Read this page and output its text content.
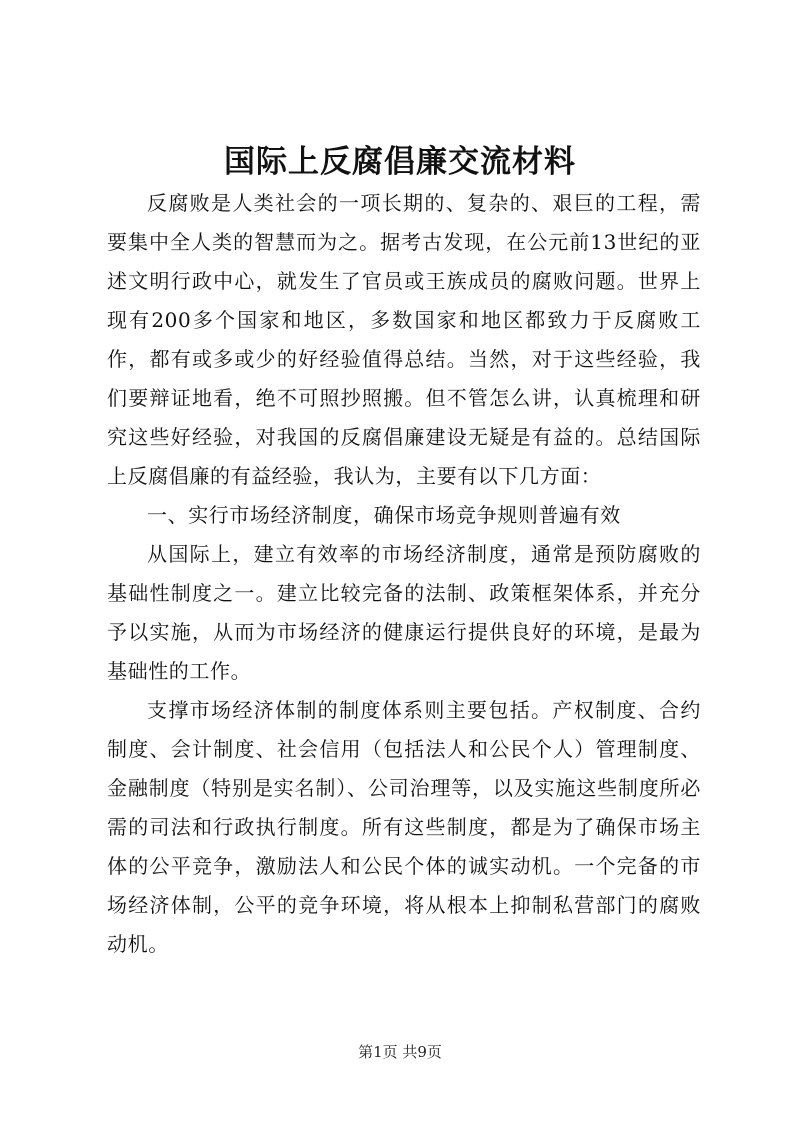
国际上反腐倡廉交流材料

反腐败是人类社会的一项长期的、复杂的、艰巨的工程，需要集中全人类的智慧而为之。据考古发现，在公元前13世纪的亚述文明行政中心，就发生了官员或王族成员的腐败问题。世界上现有200多个国家和地区，多数国家和地区都致力于反腐败工作，都有或多或少的好经验值得总结。当然，对于这些经验，我们要辩证地看，绝不可照抄照搬。但不管怎么讲，认真梳理和研究这些好经验，对我国的反腐倡廉建设无疑是有益的。总结国际上反腐倡廉的有益经验，我认为，主要有以下几方面：

一、实行市场经济制度，确保市场竞争规则普遍有效

从国际上，建立有效率的市场经济制度，通常是预防腐败的基础性制度之一。建立比较完备的法制、政策框架体系，并充分予以实施，从而为市场经济的健康运行提供良好的环境，是最为基础性的工作。

支撑市场经济体制的制度体系则主要包括。产权制度、合约制度、会计制度、社会信用（包括法人和公民个人）管理制度、金融制度（特别是实名制）、公司治理等，以及实施这些制度所必需的司法和行政执行制度。所有这些制度，都是为了确保市场主体的公平竞争，激励法人和公民个体的诚实动机。一个完备的市场经济体制，公平的竞争环境，将从根本上抑制私营部门的腐败动机。

第1页 共9页
